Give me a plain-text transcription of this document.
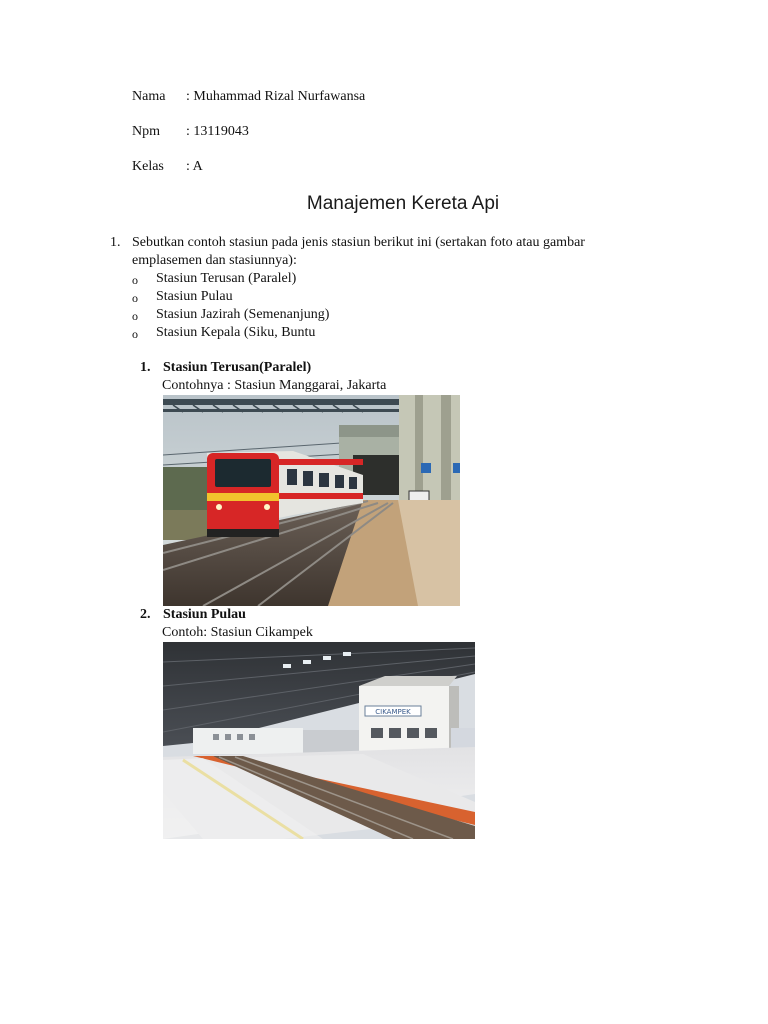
Nama : Muhammad Rizal Nurfawansa
Npm : 13119043
Kelas : A
Manajemen Kereta Api
1. Sebutkan contoh stasiun pada jenis stasiun berikut ini (sertakan foto atau gambar
emplasemen dan stasiunnya):
o Stasiun Terusan (Paralel)
o Stasiun Pulau
o Stasiun Jazirah (Semenanjung)
o Stasiun Kepala (Siku, Buntu
1. Stasiun Terusan(Paralel)
Contohnya : Stasiun Manggarai, Jakarta
2. Stasiun Pulau
Contoh: Stasiun Cikampek
CIKAMPEK
